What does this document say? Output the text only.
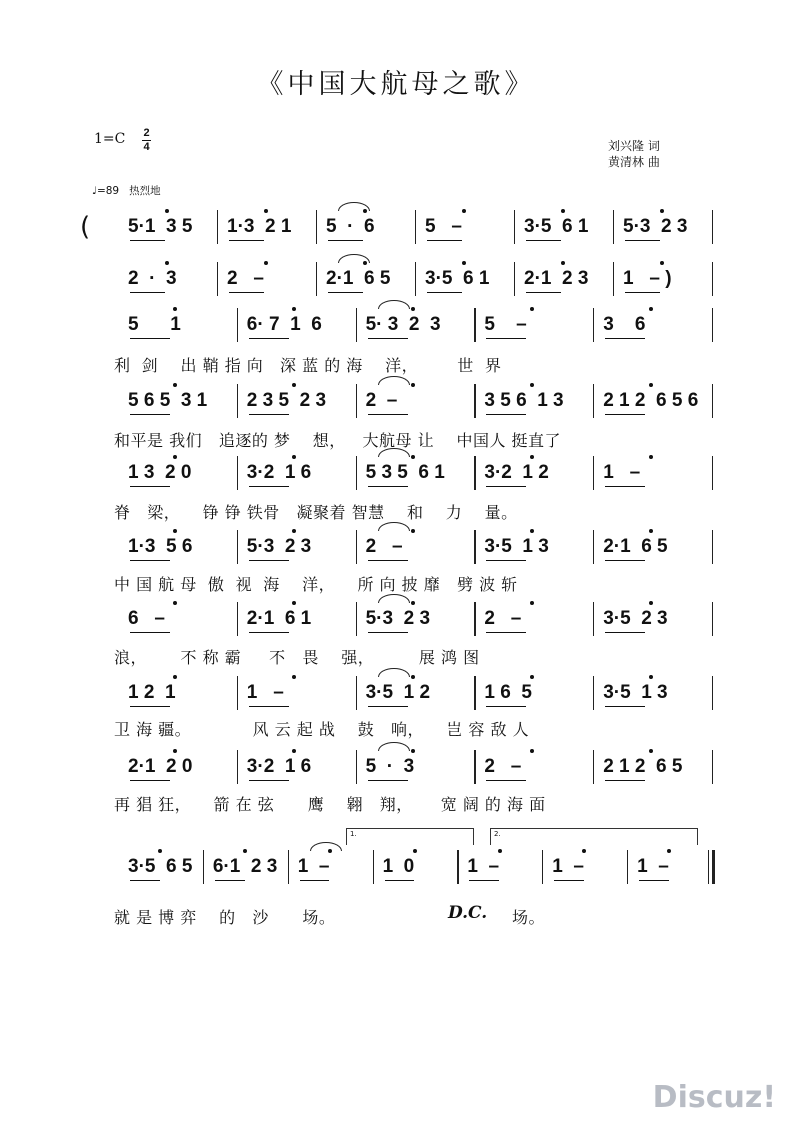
《中国大航母之歌》
1=C 2
4	刘兴隆 词
黄清林 曲
♩=89 热烈地
( 5·1  3 5 1·3  2 1 5  ·  6	5   –	3·5  6 1 5·3  2 3
2  ·  3	2   –	2·1  6 5 3·5  6 1 2·1  2 3 1   – )
5      1	6· 7  1  6 5· 3  2  3 5    –	3    6
利  剑    出 鞘 指 向   深 蓝 的 海    洋，       世  界
5 6 5  3 1 2 3 5  2 3 2  –	3 5 6  1 3 2 1 2  6 5 6
和平是 我们   追逐的 梦    想，   大航母 让    中国人 挺直了
1 3  2 0	3·2  1 6	5 3 5  6 1 3·2  1 2	1   –
脊   梁，    铮 铮 铁骨   凝聚着 智慧    和    力    量。
1·3  5 6	5·3  2 3	2   –	3·5  1 3	2·1  6 5
中 国 航 母  傲  视  海    洋，    所 向 披 靡   劈 波 斩
6   –	2·1  6 1	5·3  2 3	2   –	3·5  2 3
浪，      不 称 霸     不   畏    强，        展 鸿 图
1 2  1	1   –	3·5  1 2	1 6  5	3·5  1 3
卫 海 疆。           风 云 起 战    鼓   响，    岂 容 敌 人
2·1  2 0	3·2  1 6	5  ·  3	2   –	2 1 2  6 5
再 猖 狂，    箭 在 弦      鹰    翱   翔，     宽 阔 的 海 面
3·5  6 5 6·1  2 3 1  –	1  0	1  –	1  –	1  –
就 是 博 弈    的   沙      场。
1.	2.
场。
D.C.
Discuz!
